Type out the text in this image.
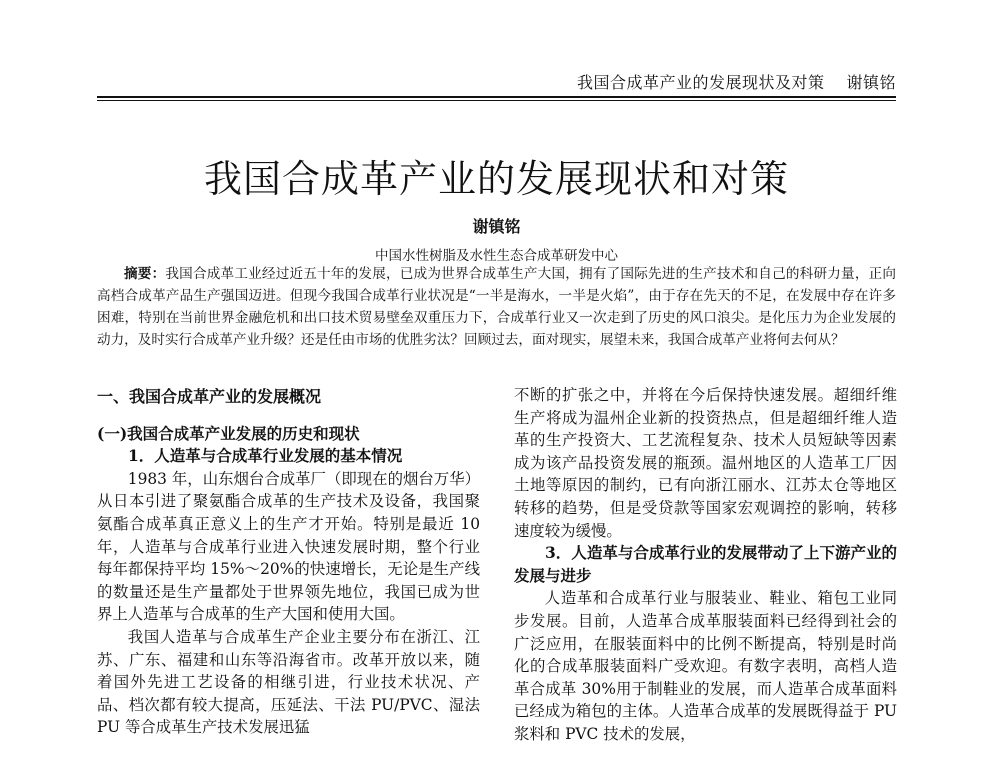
我国合成革产业的发展现状及对策 谢镇铭
我国合成革产业的发展现状和对策
谢镇铭
中国水性树脂及水性生态合成革研发中心
摘要：我国合成革工业经过近五十年的发展，已成为世界合成革生产大国，拥有了国际先进的生产技术和自己的科研力量，正向高档合成革产品生产强国迈进。但现今我国合成革行业状况是“一半是海水，一半是火焰”，由于存在先天的不足，在发展中存在许多困难，特别在当前世界金融危机和出口技术贸易壁垒双重压力下，合成革行业又一次走到了历史的风口浪尖。是化压力为企业发展的动力，及时实行合成革产业升级？还是任由市场的优胜劣汰？回顾过去，面对现实，展望未来，我国合成革产业将何去何从？
一、我国合成革产业的发展概况
(一)我国合成革产业发展的历史和现状
1．人造革与合成革行业发展的基本情况

1983 年，山东烟台合成革厂（即现在的烟台万华）从日本引进了聚氨酯合成革的生产技术及设备，我国聚氨酯合成革真正意义上的生产才开始。特别是最近 10 年，人造革与合成革行业进入快速发展时期，整个行业每年都保持平均 15%～20%的快速增长，无论是生产线的数量还是生产量都处于世界领先地位，我国已成为世界上人造革与合成革的生产大国和使用大国。

我国人造革与合成革生产企业主要分布在浙江、江苏、广东、福建和山东等沿海省市。改革开放以来，随着国外先进工艺设备的相继引进，行业技术状况、产品、档次都有较大提高，压延法、干法 PU/PVC、湿法 PU 等合成革生产技术发展迅猛

不断的扩张之中，并将在今后保持快速发展。超细纤维生产将成为温州企业新的投资热点，但是超细纤维人造革的生产投资大、工艺流程复杂、技术人员短缺等因素成为该产品投资发展的瓶颈。温州地区的人造革工厂因土地等原因的制约，已有向浙江丽水、江苏太仓等地区转移的趋势，但是受贷款等国家宏观调控的影响，转移速度较为缓慢。

3．人造革与合成革行业的发展带动了上下游产业的发展与进步

人造革和合成革行业与服装业、鞋业、箱包工业同步发展。目前，人造革合成革服装面料已经得到社会的广泛应用，在服装面料中的比例不断提高，特别是时尚化的合成革服装面料广受欢迎。有数字表明，高档人造革合成革 30%用于制鞋业的发展，而人造革合成革面料已经成为箱包的主体。人造革合成革的发展既得益于 PU 浆料和 PVC 技术的发展，
